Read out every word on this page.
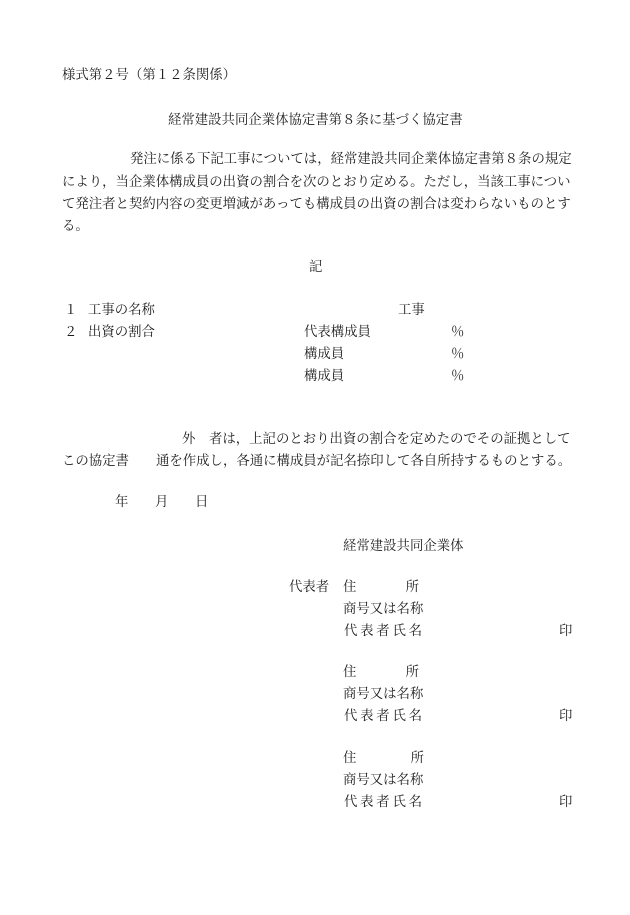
様式第２号（第１２条関係）
経常建設共同企業体協定書第８条に基づく協定書
発注に係る下記工事については，経常建設共同企業体協定書第８条の規定
により，当企業体構成員の出資の割合を次のとおり定める。ただし，当該工事につい
て発注者と契約内容の変更増減があっても構成員の出資の割合は変わらないものとす
る。
記
１ 工事の名称	工事
２ 出資の割合	代表構成員	％
構成員	％
構成員	％
外 者は，上記のとおり出資の割合を定めたのでその証拠として
この協定書 通を作成し，各通に構成員が記名捺印して各自所持するものとする。
年 月 日
経常建設共同企業体
代表者 住所
商号又は名称
代表者氏名	印
住所
商号又は名称
代表者氏名	印
住所
商号又は名称
代表者氏名	印
